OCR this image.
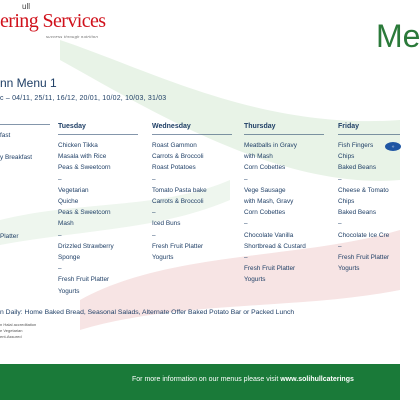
ull
ering Services
success through nutrition	Me
nn Menu 1
c – 04/11, 25/11, 16/12, 20/01, 10/02, 10/03, 31/03
fast
y Breakfast
Platter
Tuesday
Chicken Tikka
Masala with Rice
Peas & Sweetcorn
–
Vegetarian
Quiche
Peas & Sweetcorn
Mash
–
Drizzled Strawberry
Sponge
–
Fresh Fruit Platter
Yogurts
Wednesday
Roast Gammon
Carrots & Broccoli
Roast Potatoes
–
Tomato Pasta bake
Carrots & Broccoli
–
Iced Buns
–
Fresh Fruit Platter
Yogurts
Thursday
Meatballs in Gravy
with Mash
Corn Cobettes
–
Vege Sausage
with Mash, Gravy
Corn Cobettes
–
Chocolate Vanilla
Shortbread & Custard
–
Fresh Fruit Platter
Yogurts
Friday
Fish Fingers
Chips
Baked Beans
–
Cheese & Tomato
Chips
Baked Beans
–
Chocolate Ice Cre
–
Fresh Fruit Platter
Yogurts
✧
n Daily: Home Baked Bread, Seasonal Salads, Alternate Offer Baked Potato Bar or Packed Lunch
n Halal accreditation
e Vegetarian
ent-Assured
For more information on our menus please visit www.solihullcaterings
